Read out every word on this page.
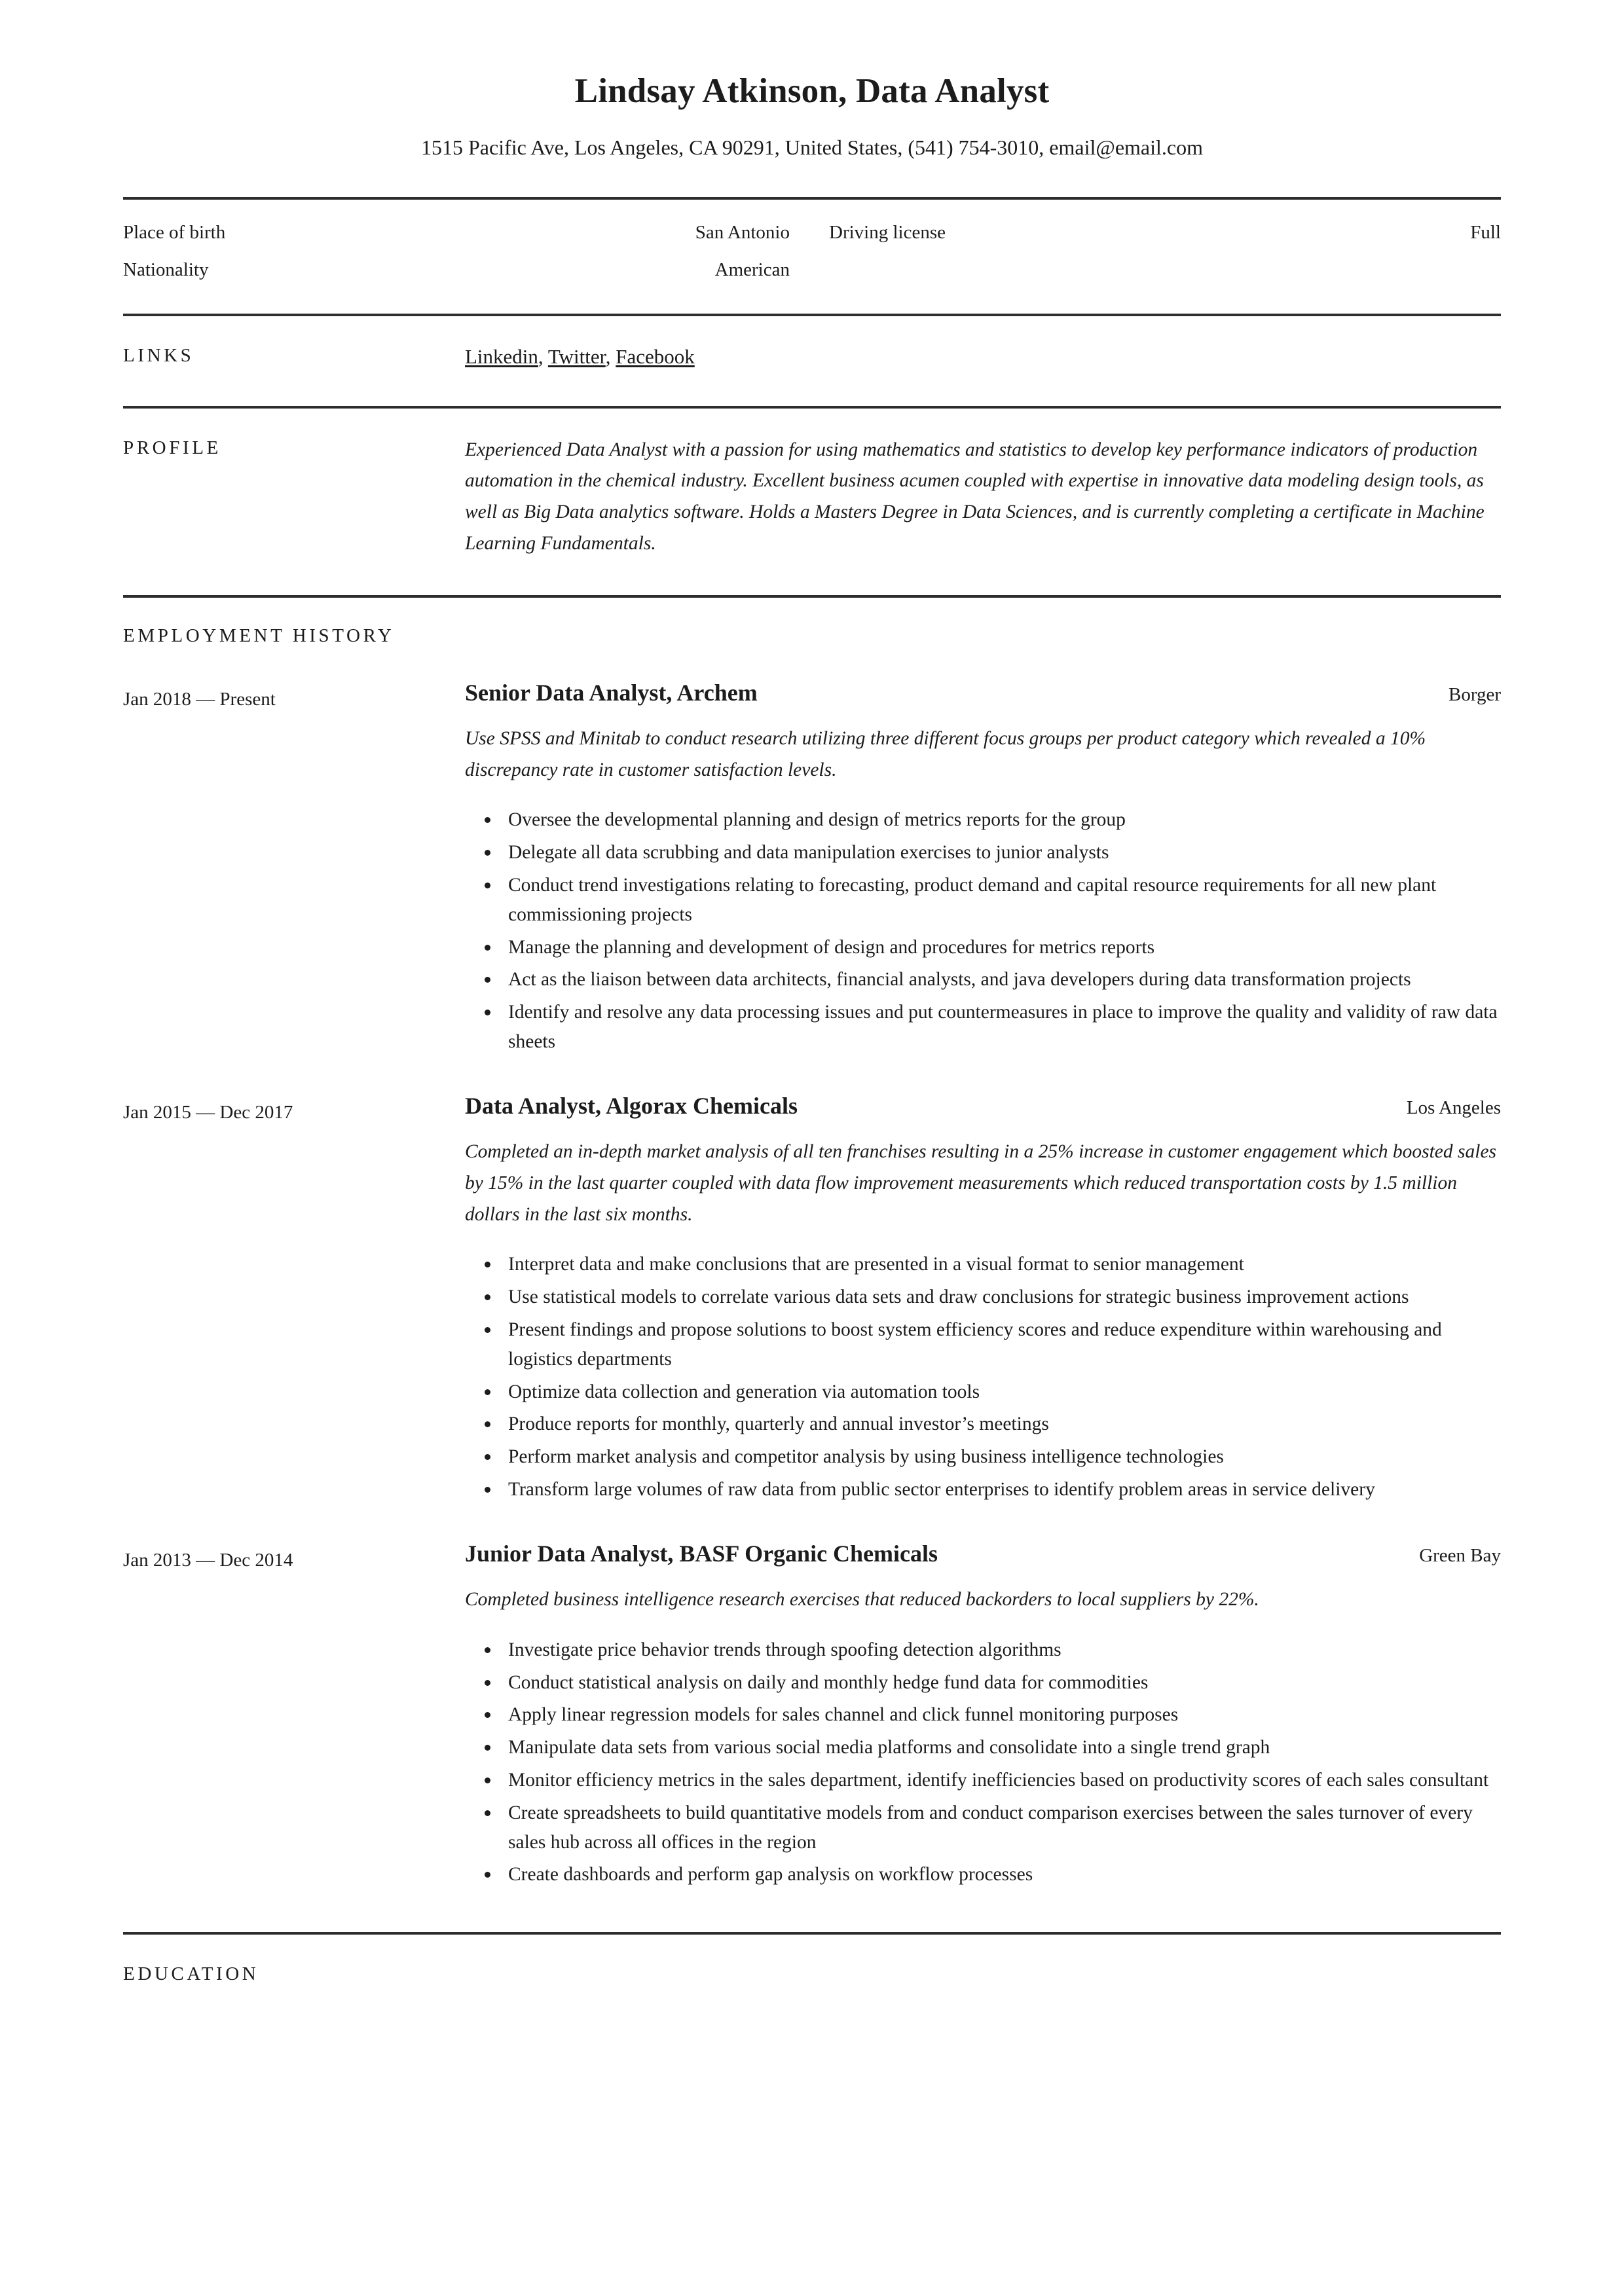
Lindsay Atkinson, Data Analyst
1515 Pacific Ave, Los Angeles, CA 90291, United States, (541) 754-3010, email@email.com
Place of birth	San Antonio Driving license	Full
Nationality	American
LINKS	Linkedin, Twitter, Facebook
PROFILE	Experienced Data Analyst with a passion for using mathematics and statistics to develop key performance indicators of production automation in the chemical industry. Excellent business acumen coupled with expertise in innovative data modeling design tools, as well as Big Data analytics software. Holds a Masters Degree in Data Sciences, and is currently completing a certificate in Machine Learning Fundamentals.

EMPLOYMENT HISTORY
Jan 2018 — Present	Senior Data Analyst, Archem	Borger

Use SPSS and Minitab to conduct research utilizing three different focus groups per product category which revealed a 10% discrepancy rate in customer satisfaction levels.

Oversee the developmental planning and design of metrics reports for the group
Delegate all data scrubbing and data manipulation exercises to junior analysts
Conduct trend investigations relating to forecasting, product demand and capital resource requirements for all new plant commissioning projects
Manage the planning and development of design and procedures for metrics reports
Act as the liaison between data architects, financial analysts, and java developers during data transformation projects
Identify and resolve any data processing issues and put countermeasures in place to improve the quality and validity of raw data sheets
Jan 2015 — Dec 2017	Data Analyst, Algorax Chemicals	Los Angeles

Completed an in-depth market analysis of all ten franchises resulting in a 25% increase in customer engagement which boosted sales by 15% in the last quarter coupled with data flow improvement measurements which reduced transportation costs by 1.5 million dollars in the last six months.

Interpret data and make conclusions that are presented in a visual format to senior management
Use statistical models to correlate various data sets and draw conclusions for strategic business improvement actions
Present findings and propose solutions to boost system efficiency scores and reduce expenditure within warehousing and logistics departments
Optimize data collection and generation via automation tools
Produce reports for monthly, quarterly and annual investor’s meetings
Perform market analysis and competitor analysis by using business intelligence technologies
Transform large volumes of raw data from public sector enterprises to identify problem areas in service delivery
Jan 2013 — Dec 2014	Junior Data Analyst, BASF Organic Chemicals	Green Bay

Completed business intelligence research exercises that reduced backorders to local suppliers by 22%.

Investigate price behavior trends through spoofing detection algorithms
Conduct statistical analysis on daily and monthly hedge fund data for commodities
Apply linear regression models for sales channel and click funnel monitoring purposes
Manipulate data sets from various social media platforms and consolidate into a single trend graph
Monitor efficiency metrics in the sales department, identify inefficiencies based on productivity scores of each sales consultant
Create spreadsheets to build quantitative models from and conduct comparison exercises between the sales turnover of every sales hub across all offices in the region
Create dashboards and perform gap analysis on workflow processes
EDUCATION
